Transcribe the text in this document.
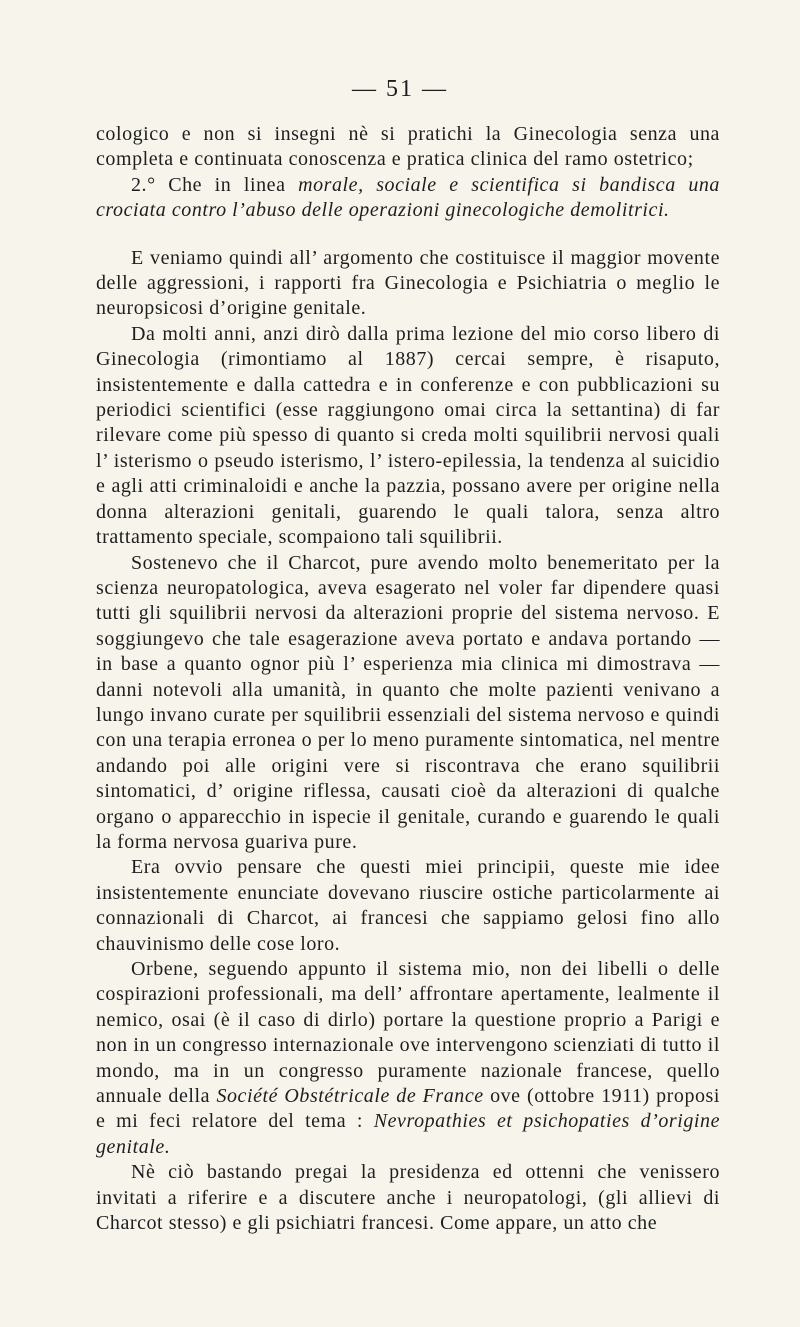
— 51 —

cologico e non si insegni nè si pratichi la Ginecologia senza una completa e continuata conoscenza e pratica clinica del ramo ostetrico;

2.° Che in linea morale, sociale e scientifica si bandisca una crociata contro l’abuso delle operazioni ginecologiche demolitrici.

E veniamo quindi all’ argomento che costituisce il maggior movente delle aggressioni, i rapporti fra Ginecologia e Psichiatria o meglio le neuropsicosi d’origine genitale.

Da molti anni, anzi dirò dalla prima lezione del mio corso libero di Ginecologia (rimontiamo al 1887) cercai sempre, è risaputo, insistentemente e dalla cattedra e in conferenze e con pubblicazioni su periodici scientifici (esse raggiungono omai circa la settantina) di far rilevare come più spesso di quanto si creda molti squilibrii nervosi quali l’ isterismo o pseudo isterismo, l’ istero-epilessia, la tendenza al suicidio e agli atti criminaloidi e anche la pazzia, possano avere per origine nella donna alterazioni genitali, guarendo le quali talora, senza altro trattamento speciale, scompaiono tali squilibrii.

Sostenevo che il Charcot, pure avendo molto benemeritato per la scienza neuropatologica, aveva esagerato nel voler far dipendere quasi tutti gli squilibrii nervosi da alterazioni proprie del sistema nervoso. E soggiungevo che tale esagerazione aveva portato e andava portando — in base a quanto ognor più l’ esperienza mia clinica mi dimostrava — danni notevoli alla umanità, in quanto che molte pazienti venivano a lungo invano curate per squilibrii essenziali del sistema nervoso e quindi con una terapia erronea o per lo meno puramente sintomatica, nel mentre andando poi alle origini vere si riscontrava che erano squilibrii sintomatici, d’ origine riflessa, causati cioè da alterazioni di qualche organo o apparecchio in ispecie il genitale, curando e guarendo le quali la forma nervosa guariva pure.

Era ovvio pensare che questi miei principii, queste mie idee insistentemente enunciate dovevano riuscire ostiche particolarmente ai connazionali di Charcot, ai francesi che sappiamo gelosi fino allo chauvinismo delle cose loro.

Orbene, seguendo appunto il sistema mio, non dei libelli o delle cospirazioni professionali, ma dell’ affrontare apertamente, lealmente il nemico, osai (è il caso di dirlo) portare la questione proprio a Parigi e non in un congresso internazionale ove intervengono scienziati di tutto il mondo, ma in un congresso puramente nazionale francese, quello annuale della Société Obstétricale de France ove (ottobre 1911) proposi e mi feci relatore del tema : Nevropathies et psichopaties d’origine genitale.

Nè ciò bastando pregai la presidenza ed ottenni che venissero invitati a riferire e a discutere anche i neuropatologi, (gli allievi di Charcot stesso) e gli psichiatri francesi. Come appare, un atto che
